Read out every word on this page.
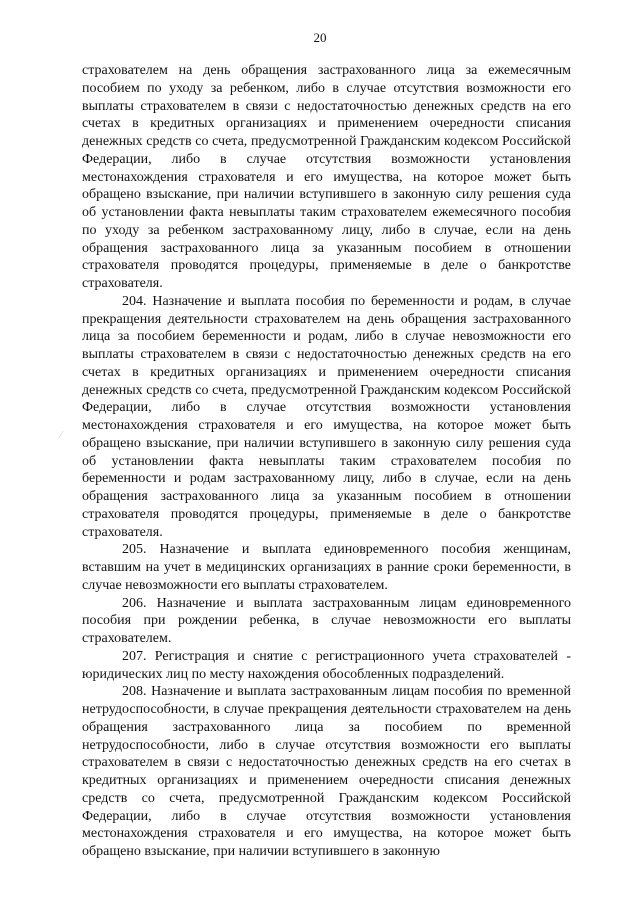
20
⁄

страхователем на день обращения застрахованного лица за ежемесячным пособием по уходу за ребенком, либо в случае отсутствия возможности его выплаты страхователем в связи с недостаточностью денежных средств на его счетах в кредитных организациях и применением очередности списания денежных средств со счета, предусмотренной Гражданским кодексом Российской Федерации, либо в случае отсутствия возможности установления местонахождения страхователя и его имущества, на которое может быть обращено взыскание, при наличии вступившего в законную силу решения суда об установлении факта невыплаты таким страхователем ежемесячного пособия по уходу за ребенком застрахованному лицу, либо в случае, если на день обращения застрахованного лица за указанным пособием в отношении страхователя проводятся процедуры, применяемые в деле о банкротстве страхователя.

204. Назначение и выплата пособия по беременности и родам, в случае прекращения деятельности страхователем на день обращения застрахованного лица за пособием беременности и родам, либо в случае невозможности его выплаты страхователем в связи с недостаточностью денежных средств на его счетах в кредитных организациях и применением очередности списания денежных средств со счета, предусмотренной Гражданским кодексом Российской Федерации, либо в случае отсутствия возможности установления местонахождения страхователя и его имущества, на которое может быть обращено взыскание, при наличии вступившего в законную силу решения суда об установлении факта невыплаты таким страхователем пособия по беременности и родам застрахованному лицу, либо в случае, если на день обращения застрахованного лица за указанным пособием в отношении страхователя проводятся процедуры, применяемые в деле о банкротстве страхователя.

205. Назначение и выплата единовременного пособия женщинам, вставшим на учет в медицинских организациях в ранние сроки беременности, в случае невозможности его выплаты страхователем.

206. Назначение и выплата застрахованным лицам единовременного пособия при рождении ребенка, в случае невозможности его выплаты страхователем.

207. Регистрация и снятие с регистрационного учета страхователей - юридических лиц по месту нахождения обособленных подразделений.

208. Назначение и выплата застрахованным лицам пособия по временной нетрудоспособности, в случае прекращения деятельности страхователем на день обращения застрахованного лица за пособием по временной нетрудоспособности, либо в случае отсутствия возможности его выплаты страхователем в связи с недостаточностью денежных средств на его счетах в кредитных организациях и применением очередности списания денежных средств со счета, предусмотренной Гражданским кодексом Российской Федерации, либо в случае отсутствия возможности установления местонахождения страхователя и его имущества, на которое может быть обращено взыскание, при наличии вступившего в законную
